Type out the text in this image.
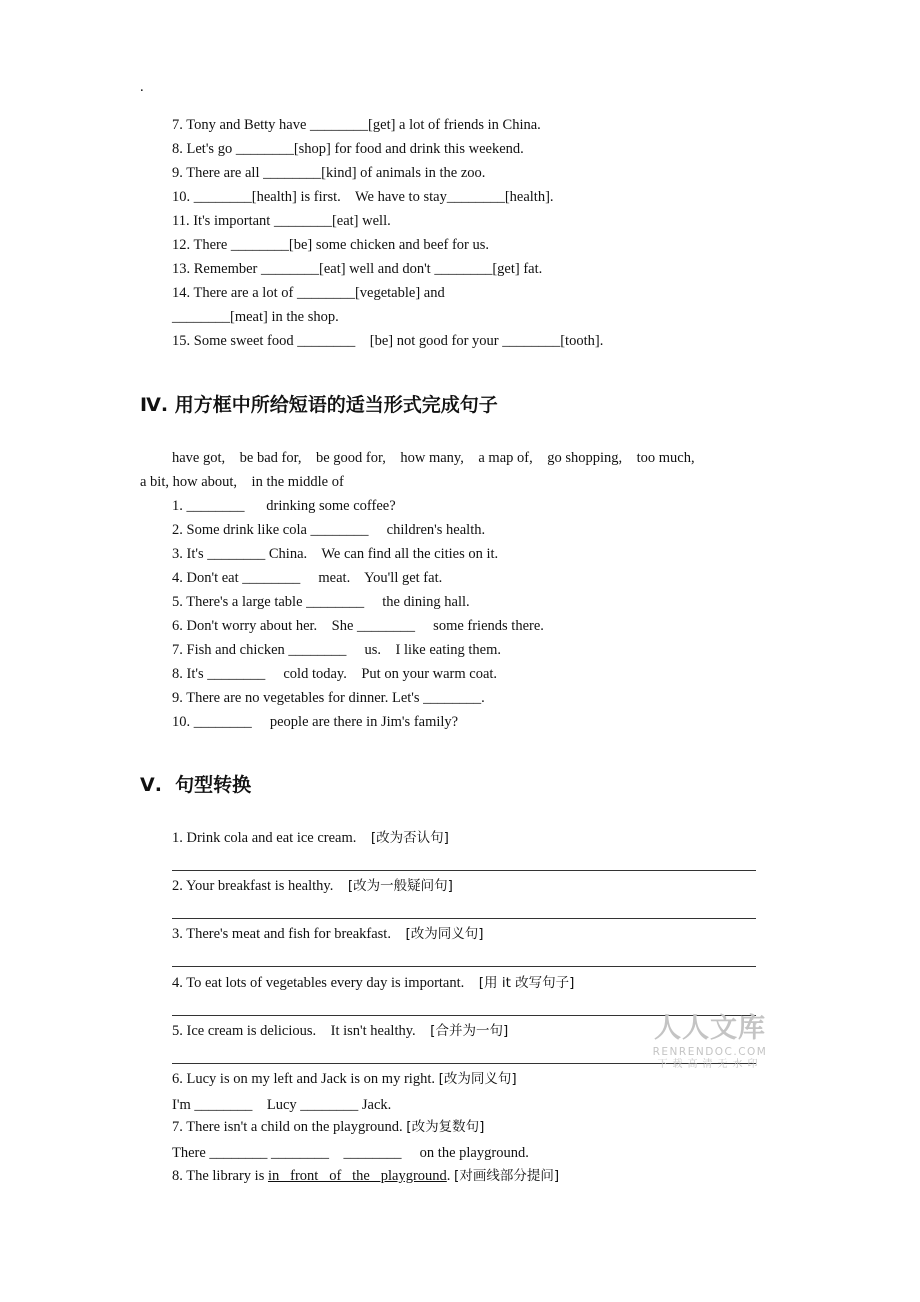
.
7. Tony and Betty have ________[get] a lot of friends in China.
8. Let's go ________[shop] for food and drink this weekend.
9. There are all ________[kind] of animals in the zoo.
10. ________[health] is first.    We have to stay________[health].
11. It's important ________[eat] well.
12. There ________[be] some chicken and beef for us.
13. Remember ________[eat] well and don't ________[get] fat.
14. There are a lot of ________[vegetable] and
________[meat] in the shop.
15. Some sweet food ________    [be] not good for your ________[tooth].
Ⅳ. 用方框中所给短语的适当形式完成句子
have got,    be bad for,    be good for,    how many,    a map of,    go shopping,    too much,
a bit, how about,    in the middle of
1. ________      drinking some coffee?
2. Some drink like cola ________     children's health.
3. It's ________ China.    We can find all the cities on it.
4. Don't eat ________     meat.    You'll get fat.
5. There's a large table ________     the dining hall.
6. Don't worry about her.    She ________     some friends there.
7. Fish and chicken ________     us.    I like eating them.
8. It's ________     cold today.    Put on your warm coat.
9. There are no vegetables for dinner. Let's ________.
10. ________     people are there in Jim's family?
Ⅴ.  句型转换
1. Drink cola and eat ice cream.    [改为否认句]
2. Your breakfast is healthy.    [改为一般疑问句]
3. There's meat and fish for breakfast.    [改为同义句]
4. To eat lots of vegetables every day is important.    [用 it 改写句子]
5. Ice cream is delicious.    It isn't healthy.    [合并为一句]
6. Lucy is on my left and Jack is on my right. [改为同义句]
I'm ________    Lucy ________ Jack.
7. There isn't a child on the playground. [改为复数句]
There ________ ________    ________     on the playground.
8. The library is in   front   of   the   playground. [对画线部分提问]
人人文库
RENRENDOC.COM
下载高清无水印
